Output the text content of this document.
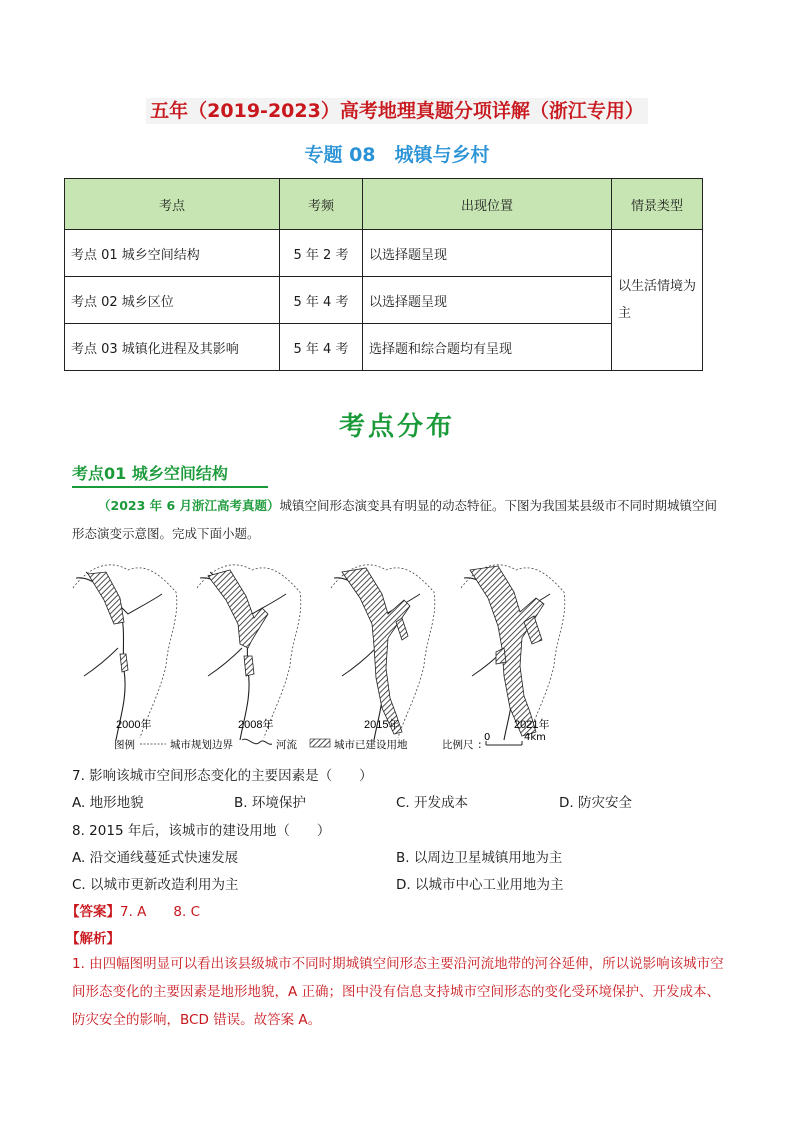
五年（2019-2023）高考地理真题分项详解（浙江专用）
专题 08　城镇与乡村
考点	考频	出现位置	情景类型
考点 01 城乡空间结构	5 年 2 考	以选择题呈现	以生活情境为主
考点 02 城乡区位	5 年 4 考	以选择题呈现	
考点 03 城镇化进程及其影响	5 年 4 考	选择题和综合题均有呈现	
考点分布
考点01 城乡空间结构
（2023 年 6 月浙江高考真题）城镇空间形态演变具有明显的动态特征。下图为我国某县级市不同时期城镇空间形态演变示意图。完成下面小题。
2000年	2008年	2015年	2021年
图例	城市规划边界	河流	城市已建设用地	比例尺 :
0	4km
7. 影响该城市空间形态变化的主要因素是（　　）
A. 地形地貌	B. 环境保护	C. 开发成本	D. 防灾安全
8. 2015 年后，该城市的建设用地（　　）
A. 沿交通线蔓延式快速发展	B. 以周边卫星城镇用地为主
C. 以城市更新改造利用为主	D. 以城市中心工业用地为主
【答案】7. A　　8. C
【解析】
1. 由四幅图明显可以看出该县级城市不同时期城镇空间形态主要沿河流地带的河谷延伸，所以说影响该城市空间形态变化的主要因素是地形地貌，A 正确；图中没有信息支持城市空间形态的变化受环境保护、开发成本、防灾安全的影响，BCD 错误。故答案 A。
